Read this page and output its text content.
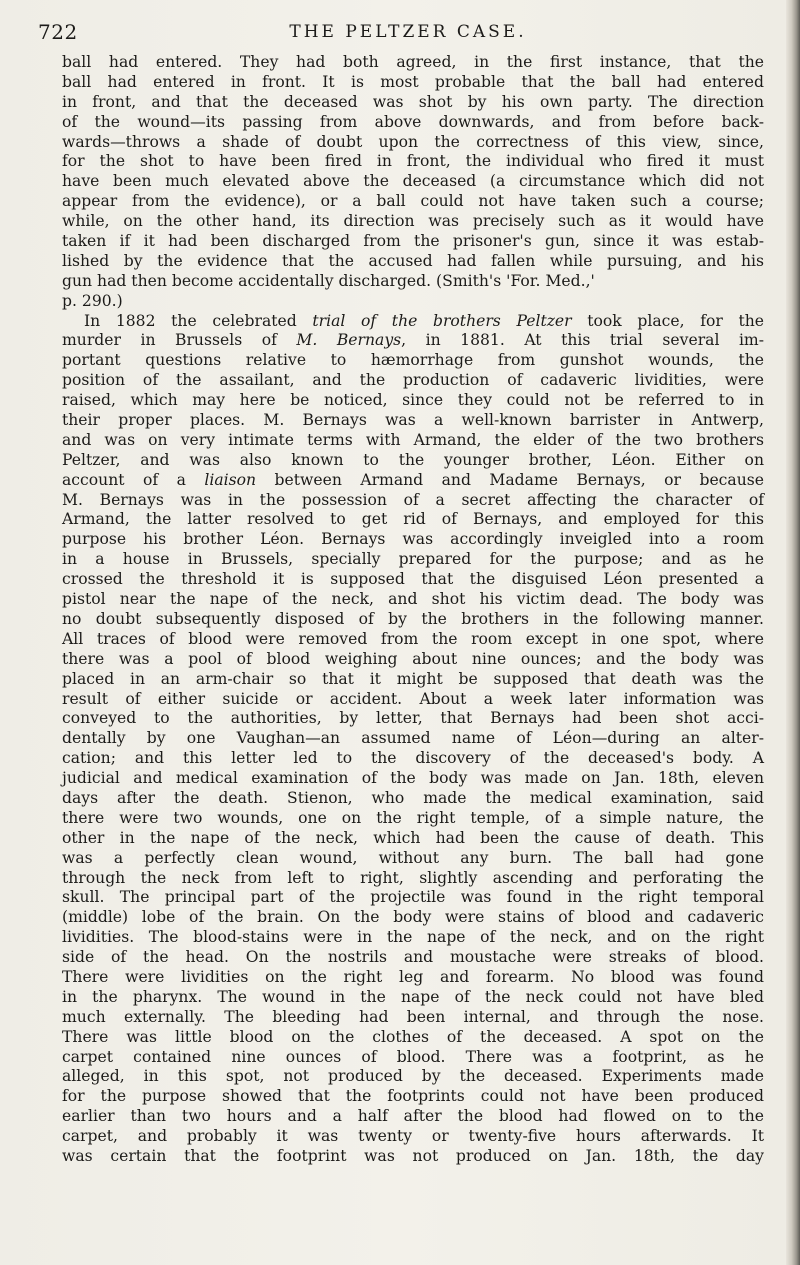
722	THE PELTZER CASE.
ball had entered. They had both agreed, in the first instance, that the
ball had entered in front. It is most probable that the ball had entered
in front, and that the deceased was shot by his own party. The direction
of the wound—its passing from above downwards, and from before back-
wards—throws a shade of doubt upon the correctness of this view, since,
for the shot to have been fired in front, the individual who fired it must
have been much elevated above the deceased (a circumstance which did not
appear from the evidence), or a ball could not have taken such a course;
while, on the other hand, its direction was precisely such as it would have
taken if it had been discharged from the prisoner's gun, since it was estab-
lished by the evidence that the accused had fallen while pursuing, and his
gun had then become accidentally discharged. (Smith's 'For. Med.,'
p. 290.)
In 1882 the celebrated trial of the brothers Peltzer took place, for the
murder in Brussels of M. Bernays, in 1881. At this trial several im-
portant questions relative to hæmorrhage from gunshot wounds, the
position of the assailant, and the production of cadaveric lividities, were
raised, which may here be noticed, since they could not be referred to in
their proper places. M. Bernays was a well-known barrister in Antwerp,
and was on very intimate terms with Armand, the elder of the two brothers
Peltzer, and was also known to the younger brother, Léon. Either on
account of a liaison between Armand and Madame Bernays, or because
M. Bernays was in the possession of a secret affecting the character of
Armand, the latter resolved to get rid of Bernays, and employed for this
purpose his brother Léon. Bernays was accordingly inveigled into a room
in a house in Brussels, specially prepared for the purpose; and as he
crossed the threshold it is supposed that the disguised Léon presented a
pistol near the nape of the neck, and shot his victim dead. The body was
no doubt subsequently disposed of by the brothers in the following manner.
All traces of blood were removed from the room except in one spot, where
there was a pool of blood weighing about nine ounces; and the body was
placed in an arm-chair so that it might be supposed that death was the
result of either suicide or accident. About a week later information was
conveyed to the authorities, by letter, that Bernays had been shot acci-
dentally by one Vaughan—an assumed name of Léon—during an alter-
cation; and this letter led to the discovery of the deceased's body. A
judicial and medical examination of the body was made on Jan. 18th, eleven
days after the death. Stienon, who made the medical examination, said
there were two wounds, one on the right temple, of a simple nature, the
other in the nape of the neck, which had been the cause of death. This
was a perfectly clean wound, without any burn. The ball had gone
through the neck from left to right, slightly ascending and perforating the
skull. The principal part of the projectile was found in the right temporal
(middle) lobe of the brain. On the body were stains of blood and cadaveric
lividities. The blood-stains were in the nape of the neck, and on the right
side of the head. On the nostrils and moustache were streaks of blood.
There were lividities on the right leg and forearm. No blood was found
in the pharynx. The wound in the nape of the neck could not have bled
much externally. The bleeding had been internal, and through the nose.
There was little blood on the clothes of the deceased. A spot on the
carpet contained nine ounces of blood. There was a footprint, as he
alleged, in this spot, not produced by the deceased. Experiments made
for the purpose showed that the footprints could not have been produced
earlier than two hours and a half after the blood had flowed on to the
carpet, and probably it was twenty or twenty-five hours afterwards. It
was certain that the footprint was not produced on Jan. 18th, the day
